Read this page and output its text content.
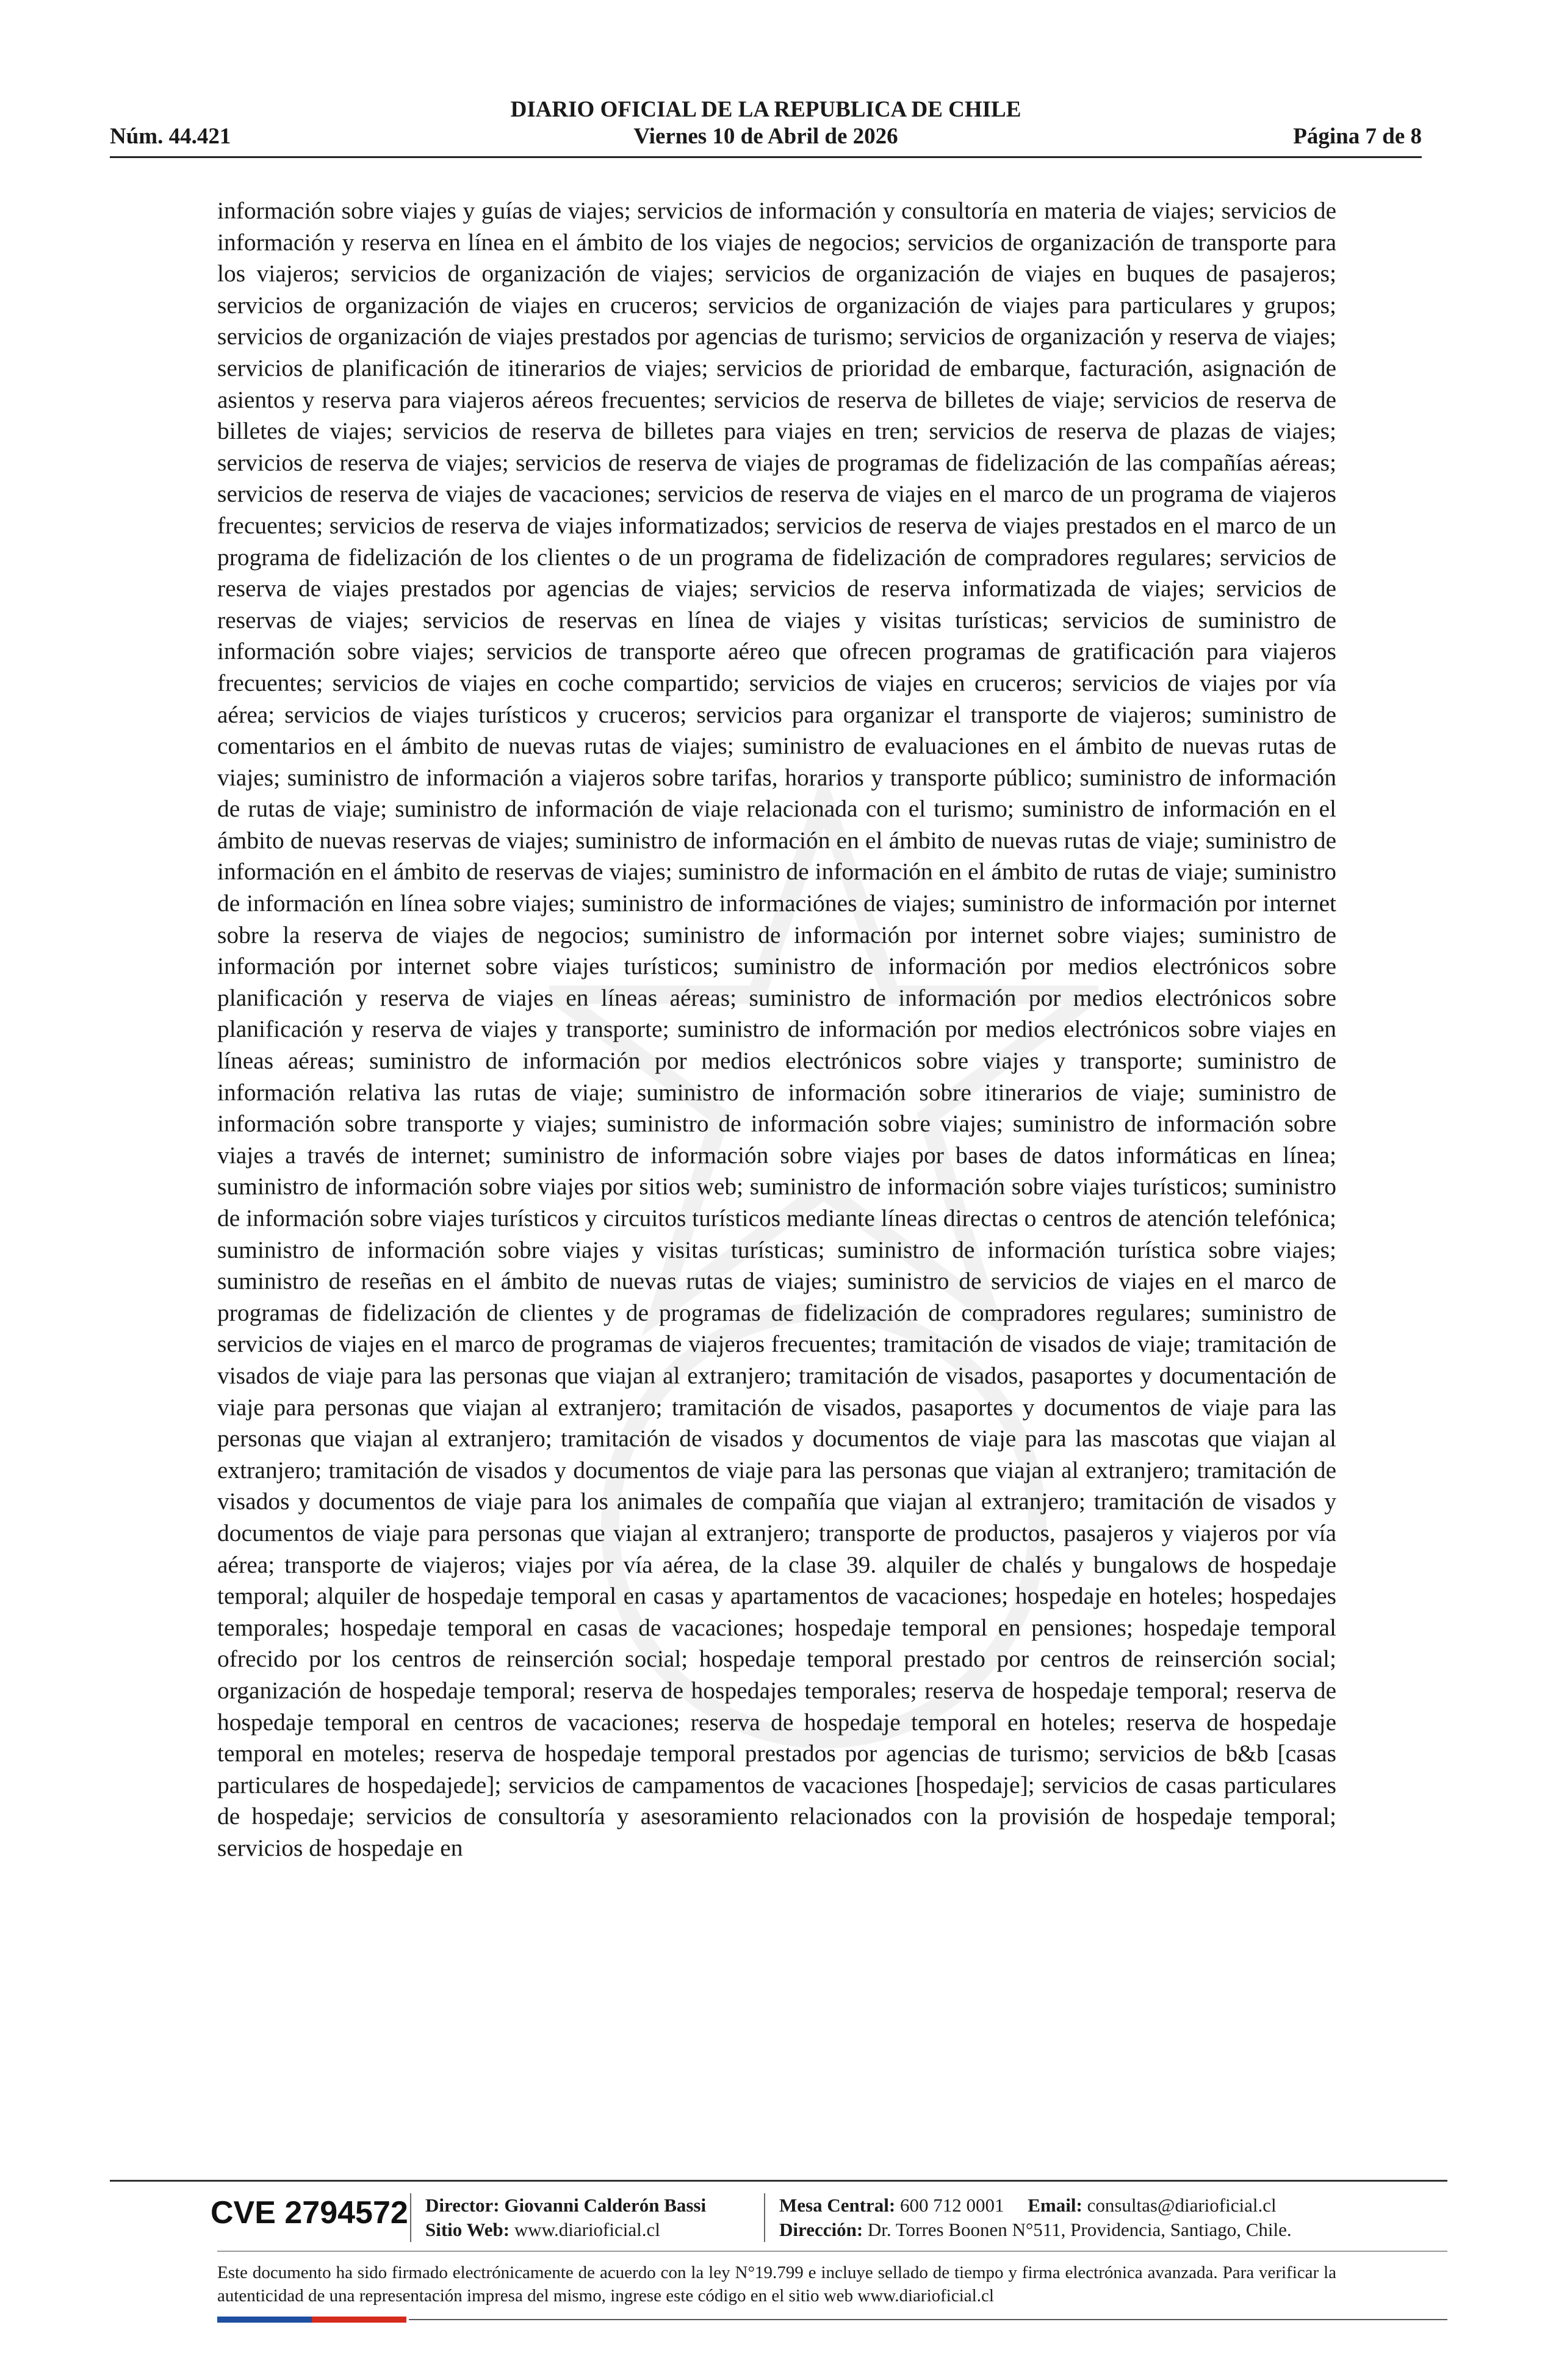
DIARIO OFICIAL DE LA REPUBLICA DE CHILE
Núm. 44.421	Viernes 10 de Abril de 2026	Página 7 de 8
información sobre viajes y guías de viajes; servicios de información y consultoría en materia de viajes; servicios de información y reserva en línea en el ámbito de los viajes de negocios; servicios de organización de transporte para los viajeros; servicios de organización de viajes; servicios de organización de viajes en buques de pasajeros; servicios de organización de viajes en cruceros; servicios de organización de viajes para particulares y grupos; servicios de organización de viajes prestados por agencias de turismo; servicios de organización y reserva de viajes; servicios de planificación de itinerarios de viajes; servicios de prioridad de embarque, facturación, asignación de asientos y reserva para viajeros aéreos frecuentes; servicios de reserva de billetes de viaje; servicios de reserva de billetes de viajes; servicios de reserva de billetes para viajes en tren; servicios de reserva de plazas de viajes; servicios de reserva de viajes; servicios de reserva de viajes de programas de fidelización de las compañías aéreas; servicios de reserva de viajes de vacaciones; servicios de reserva de viajes en el marco de un programa de viajeros frecuentes; servicios de reserva de viajes informatizados; servicios de reserva de viajes prestados en el marco de un programa de fidelización de los clientes o de un programa de fidelización de compradores regulares; servicios de reserva de viajes prestados por agencias de viajes; servicios de reserva informatizada de viajes; servicios de reservas de viajes; servicios de reservas en línea de viajes y visitas turísticas; servicios de suministro de información sobre viajes; servicios de transporte aéreo que ofrecen programas de gratificación para viajeros frecuentes; servicios de viajes en coche compartido; servicios de viajes en cruceros; servicios de viajes por vía aérea; servicios de viajes turísticos y cruceros; servicios para organizar el transporte de viajeros; suministro de comentarios en el ámbito de nuevas rutas de viajes; suministro de evaluaciones en el ámbito de nuevas rutas de viajes; suministro de información a viajeros sobre tarifas, horarios y transporte público; suministro de información de rutas de viaje; suministro de información de viaje relacionada con el turismo; suministro de información en el ámbito de nuevas reservas de viajes; suministro de información en el ámbito de nuevas rutas de viaje; suministro de información en el ámbito de reservas de viajes; suministro de información en el ámbito de rutas de viaje; suministro de información en línea sobre viajes; suministro de informaciónes de viajes; suministro de información por internet sobre la reserva de viajes de negocios; suministro de información por internet sobre viajes; suministro de información por internet sobre viajes turísticos; suministro de información por medios electrónicos sobre planificación y reserva de viajes en líneas aéreas; suministro de información por medios electrónicos sobre planificación y reserva de viajes y transporte; suministro de información por medios electrónicos sobre viajes en líneas aéreas; suministro de información por medios electrónicos sobre viajes y transporte; suministro de información relativa las rutas de viaje; suministro de información sobre itinerarios de viaje; suministro de información sobre transporte y viajes; suministro de información sobre viajes; suministro de información sobre viajes a través de internet; suministro de información sobre viajes por bases de datos informáticas en línea; suministro de información sobre viajes por sitios web; suministro de información sobre viajes turísticos; suministro de información sobre viajes turísticos y circuitos turísticos mediante líneas directas o centros de atención telefónica; suministro de información sobre viajes y visitas turísticas; suministro de información turística sobre viajes; suministro de reseñas en el ámbito de nuevas rutas de viajes; suministro de servicios de viajes en el marco de programas de fidelización de clientes y de programas de fidelización de compradores regulares; suministro de servicios de viajes en el marco de programas de viajeros frecuentes; tramitación de visados de viaje; tramitación de visados de viaje para las personas que viajan al extranjero; tramitación de visados, pasaportes y documentación de viaje para personas que viajan al extranjero; tramitación de visados, pasaportes y documentos de viaje para las personas que viajan al extranjero; tramitación de visados y documentos de viaje para las mascotas que viajan al extranjero; tramitación de visados y documentos de viaje para las personas que viajan al extranjero; tramitación de visados y documentos de viaje para los animales de compañía que viajan al extranjero; tramitación de visados y documentos de viaje para personas que viajan al extranjero; transporte de productos, pasajeros y viajeros por vía aérea; transporte de viajeros; viajes por vía aérea, de la clase 39. alquiler de chalés y bungalows de hospedaje temporal; alquiler de hospedaje temporal en casas y apartamentos de vacaciones; hospedaje en hoteles; hospedajes temporales; hospedaje temporal en casas de vacaciones; hospedaje temporal en pensiones; hospedaje temporal ofrecido por los centros de reinserción social; hospedaje temporal prestado por centros de reinserción social; organización de hospedaje temporal; reserva de hospedajes temporales; reserva de hospedaje temporal; reserva de hospedaje temporal en centros de vacaciones; reserva de hospedaje temporal en hoteles; reserva de hospedaje temporal en moteles; reserva de hospedaje temporal prestados por agencias de turismo; servicios de b&b [casas particulares de hospedajede]; servicios de campamentos de vacaciones [hospedaje]; servicios de casas particulares de hospedaje; servicios de consultoría y asesoramiento relacionados con la provisión de hospedaje temporal; servicios de hospedaje en
CVE 2794572 Director: Giovanni Calderón Bassi
Sitio Web: www.diarioficial.cl
Mesa Central: 600 712 0001 Email: consultas@diarioficial.cl
Dirección: Dr. Torres Boonen N°511, Providencia, Santiago, Chile.
Este documento ha sido firmado electrónicamente de acuerdo con la ley N°19.799 e incluye sellado de tiempo y firma electrónica avanzada. Para verificar la autenticidad de una representación impresa del mismo, ingrese este código en el sitio web www.diarioficial.cl
